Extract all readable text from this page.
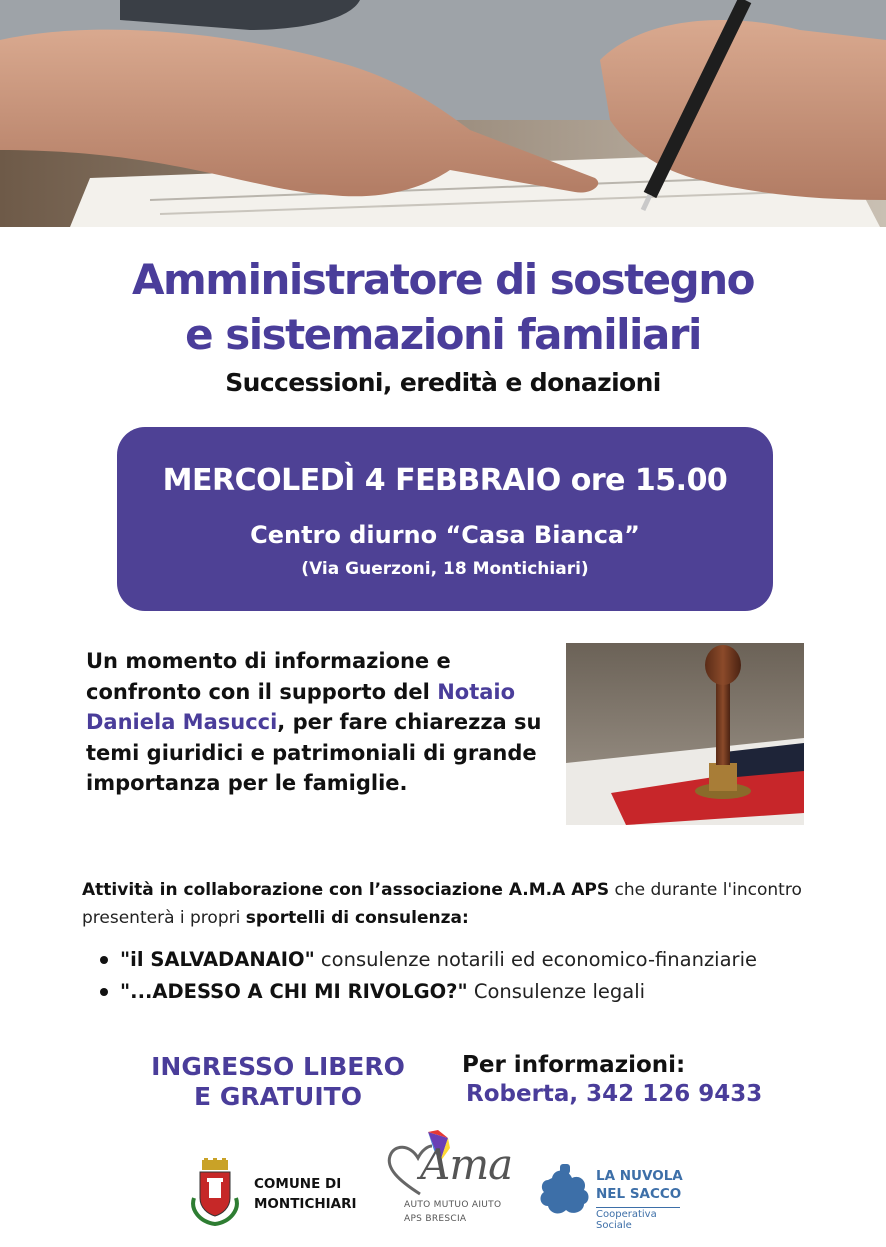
Amministratore di sostegno
e sistemazioni familiari
Successioni, eredità e donazioni
MERCOLEDÌ 4 FEBBRAIO ore 15.00
Centro diurno “Casa Bianca”
(Via Guerzoni, 18 Montichiari)

Un momento di informazione e confronto con il supporto del Notaio Daniela Masucci, per fare chiarezza su temi giuridici e patrimoniali di grande importanza per le famiglie.

Attività in collaborazione con l’associazione A.M.A APS che durante l'incontro presenterà i propri sportelli di consulenza:

"il SALVADANAIO" consulenze notarili ed economico-finanziarie
"...ADESSO A CHI MI RIVOLGO?" Consulenze legali
INGRESSO LIBERO
E GRATUITO
Per informazioni:
Roberta, 342 126 9433
COMUNE DI
MONTICHIARI
Ama
AUTO MUTUO AIUTO
APS BRESCIA
LA NUVOLA
NEL SACCO
Cooperativa Sociale
